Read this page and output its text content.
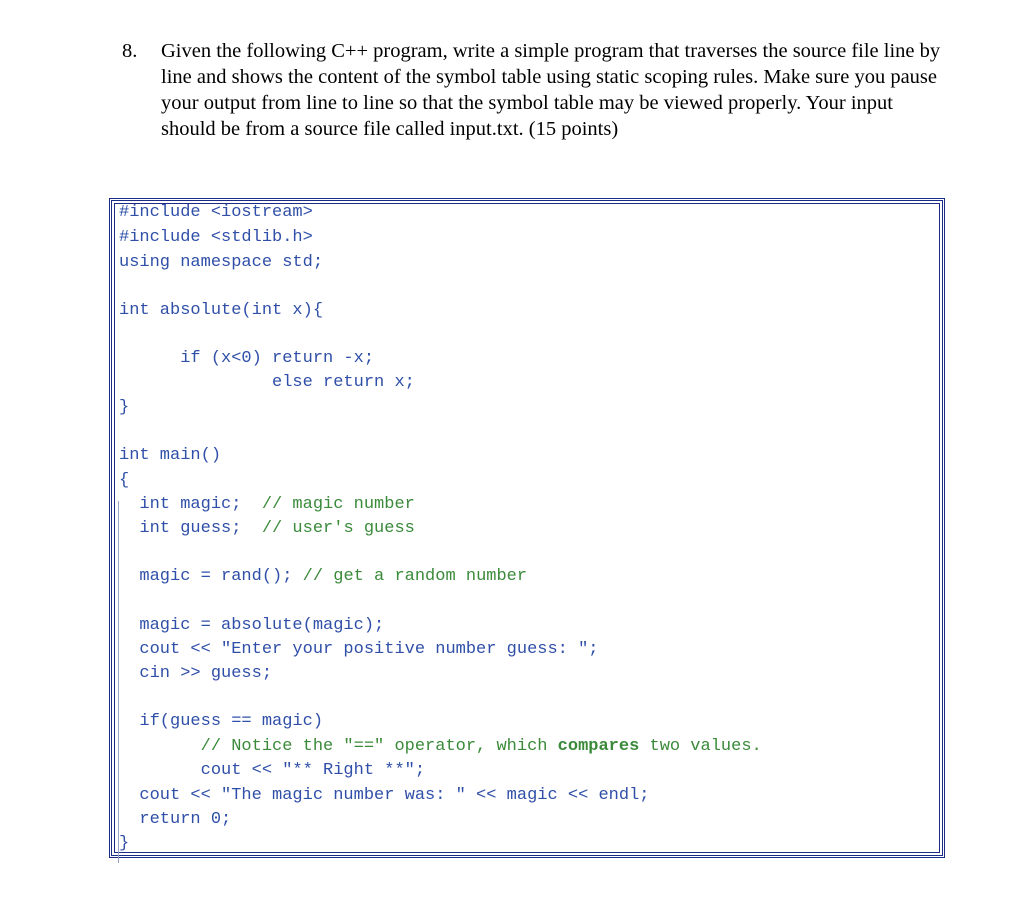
8. Given the following C++ program, write a simple program that traverses the source file line by line and shows the content of the symbol table using static scoping rules. Make sure you pause your output from line to line so that the symbol table may be viewed properly. Your input should be from a source file called input.txt. (15 points)
#include <iostream>
#include <stdlib.h>
using namespace std;
int absolute(int x){
if (x<0) return -x;
else return x;
}
int main()
{
int magic;  // magic number
int guess;  // user's guess
magic = rand(); // get a random number
magic = absolute(magic);
cout << "Enter your positive number guess: ";
cin >> guess;
if(guess == magic)
// Notice the "==" operator, which compares two values.
cout << "** Right **";
cout << "The magic number was: " << magic << endl;
return 0;
}
